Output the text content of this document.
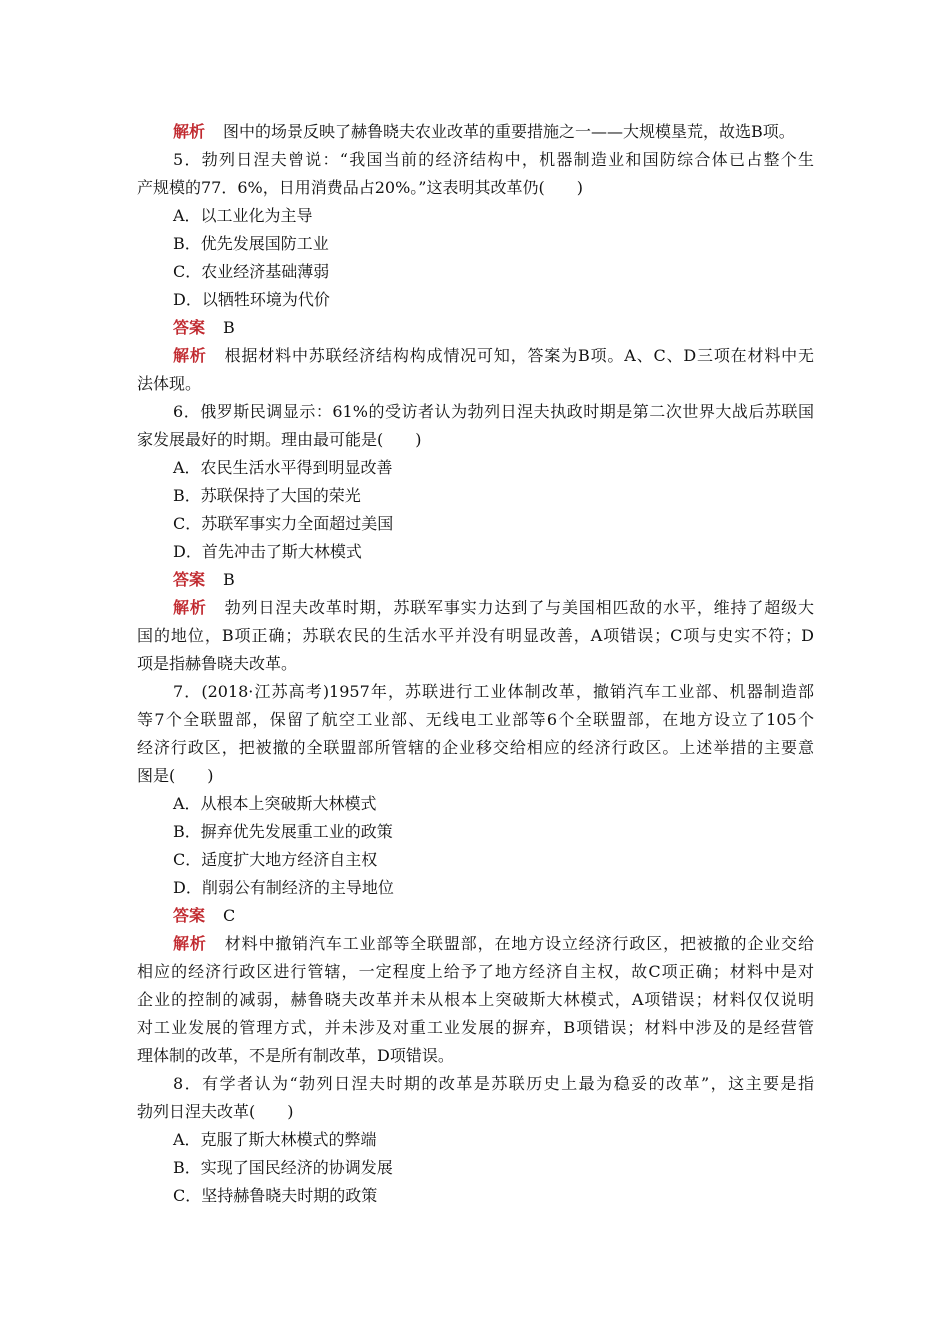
解析 图中的场景反映了赫鲁晓夫农业改革的重要措施之一——大规模垦荒，故选B项。
5．勃列日涅夫曾说：“我国当前的经济结构中，机器制造业和国防综合体已占整个生
产规模的77．6%，日用消费品占20%。”这表明其改革仍(　　)
A．以工业化为主导
B．优先发展国防工业
C．农业经济基础薄弱
D．以牺牲环境为代价
答案 B
解析 根据材料中苏联经济结构构成情况可知，答案为B项。A、C、D三项在材料中无
法体现。
6．俄罗斯民调显示：61%的受访者认为勃列日涅夫执政时期是第二次世界大战后苏联国
家发展最好的时期。理由最可能是(　　)
A．农民生活水平得到明显改善
B．苏联保持了大国的荣光
C．苏联军事实力全面超过美国
D．首先冲击了斯大林模式
答案 B
解析 勃列日涅夫改革时期，苏联军事实力达到了与美国相匹敌的水平，维持了超级大
国的地位，B项正确；苏联农民的生活水平并没有明显改善，A项错误；C项与史实不符；D
项是指赫鲁晓夫改革。
7．(2018·江苏高考)1957年，苏联进行工业体制改革，撤销汽车工业部、机器制造部
等7个全联盟部，保留了航空工业部、无线电工业部等6个全联盟部，在地方设立了105个
经济行政区，把被撤的全联盟部所管辖的企业移交给相应的经济行政区。上述举措的主要意
图是(　　)
A．从根本上突破斯大林模式
B．摒弃优先发展重工业的政策
C．适度扩大地方经济自主权
D．削弱公有制经济的主导地位
答案 C
解析 材料中撤销汽车工业部等全联盟部，在地方设立经济行政区，把被撤的企业交给
相应的经济行政区进行管辖，一定程度上给予了地方经济自主权，故C项正确；材料中是对
企业的控制的减弱，赫鲁晓夫改革并未从根本上突破斯大林模式，A项错误；材料仅仅说明
对工业发展的管理方式，并未涉及对重工业发展的摒弃，B项错误；材料中涉及的是经营管
理体制的改革，不是所有制改革，D项错误。
8．有学者认为“勃列日涅夫时期的改革是苏联历史上最为稳妥的改革”，这主要是指
勃列日涅夫改革(　　)
A．克服了斯大林模式的弊端
B．实现了国民经济的协调发展
C．坚持赫鲁晓夫时期的政策
